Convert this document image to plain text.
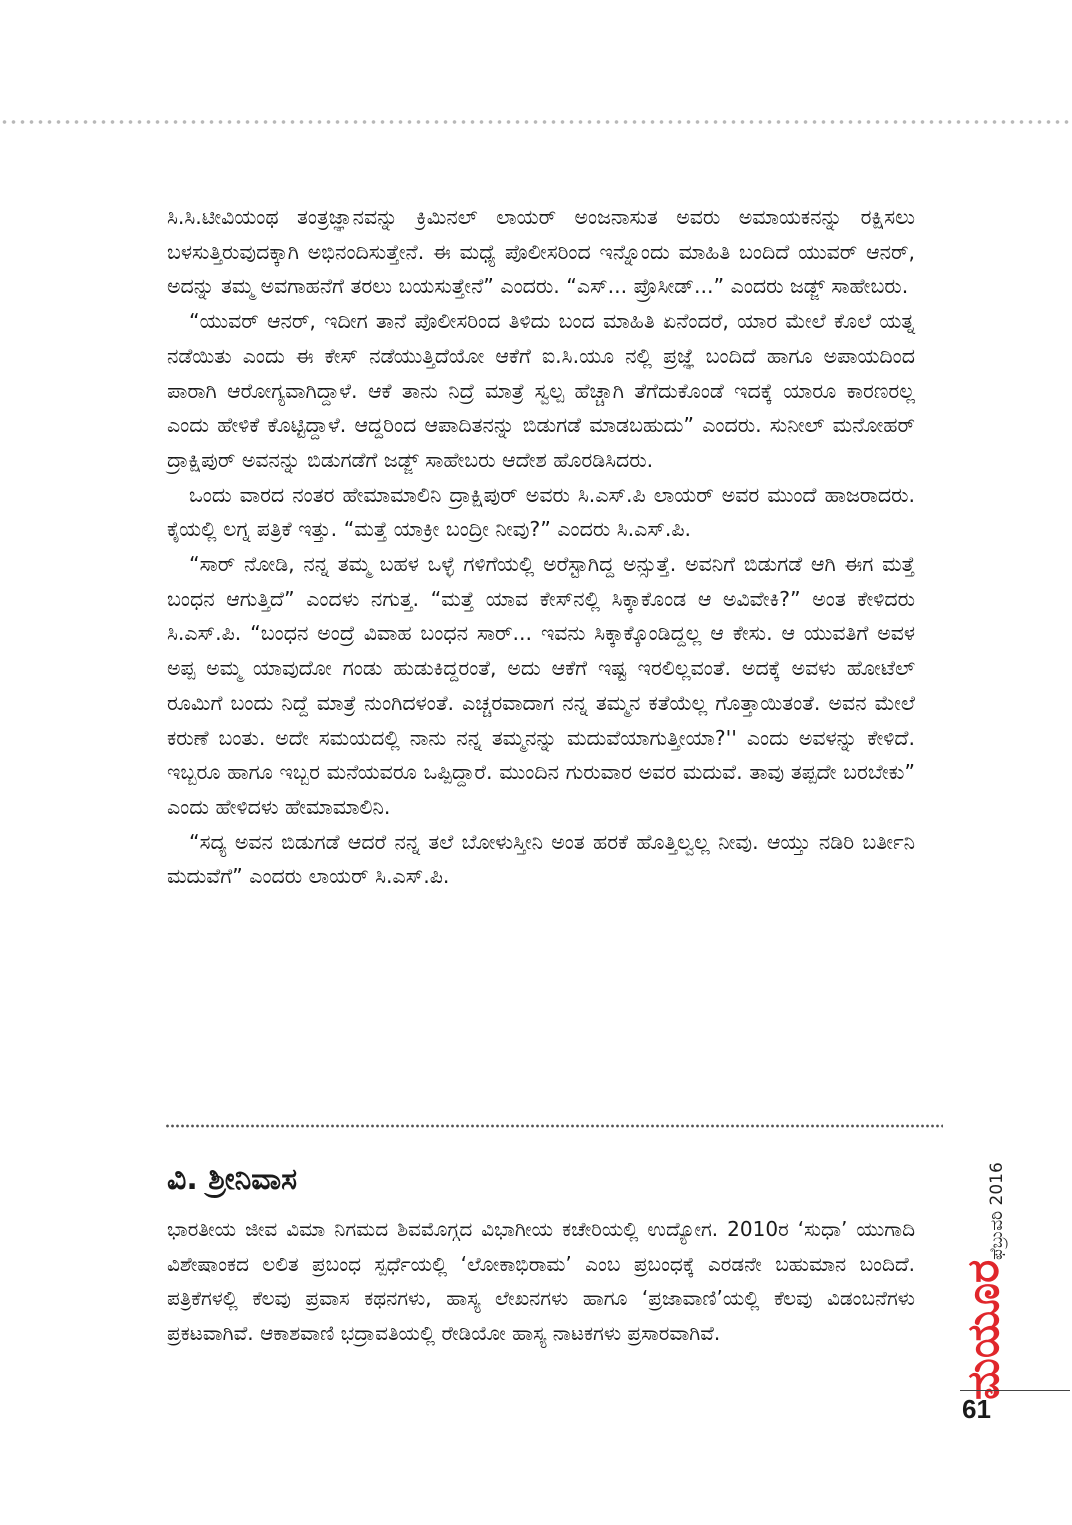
ಸಿ.ಸಿ.ಟೀವಿಯಂಥ ತಂತ್ರಜ್ಞಾನವನ್ನು ಕ್ರಿಮಿನಲ್ ಲಾಯರ್ ಅಂಜನಾಸುತ ಅವರು ಅಮಾಯಕನನ್ನು ರಕ್ಷಿಸಲು ಬಳಸುತ್ತಿರುವುದಕ್ಕಾಗಿ ಅಭಿನಂದಿಸುತ್ತೇನೆ. ಈ ಮಧ್ಯೆ ಪೊಲೀಸರಿಂದ ಇನ್ನೊಂದು ಮಾಹಿತಿ ಬಂದಿದೆ ಯುವರ್ ಆನರ್, ಅದನ್ನು ತಮ್ಮ ಅವಗಾಹನೆಗೆ ತರಲು ಬಯಸುತ್ತೇನೆ” ಎಂದರು. “ಎಸ್... ಪ್ರೊಸೀಡ್...” ಎಂದರು ಜಡ್ಜ್ ಸಾಹೇಬರು.

“ಯುವರ್ ಆನರ್, ಇದೀಗ ತಾನೆ ಪೊಲೀಸರಿಂದ ತಿಳಿದು ಬಂದ ಮಾಹಿತಿ ಏನೆಂದರೆ, ಯಾರ ಮೇಲೆ ಕೊಲೆ ಯತ್ನ ನಡೆಯಿತು ಎಂದು ಈ ಕೇಸ್ ನಡೆಯುತ್ತಿದೆಯೋ ಆಕೆಗೆ ಐ.ಸಿ.ಯೂ ನಲ್ಲಿ ಪ್ರಜ್ಞೆ ಬಂದಿದೆ ಹಾಗೂ ಅಪಾಯದಿಂದ ಪಾರಾಗಿ ಆರೋಗ್ಯವಾಗಿದ್ದಾಳೆ. ಆಕೆ ತಾನು ನಿದ್ರೆ ಮಾತ್ರೆ ಸ್ವಲ್ಪ ಹೆಚ್ಚಾಗಿ ತೆಗೆದುಕೊಂಡೆ ಇದಕ್ಕೆ ಯಾರೂ ಕಾರಣರಲ್ಲ ಎಂದು ಹೇಳಿಕೆ ಕೊಟ್ಟಿದ್ದಾಳೆ. ಆದ್ದರಿಂದ ಆಪಾದಿತನನ್ನು ಬಿಡುಗಡೆ ಮಾಡಬಹುದು” ಎಂದರು. ಸುನೀಲ್ ಮನೋಹರ್ ದ್ರಾಕ್ಷಿಪುರ್ ಅವನನ್ನು ಬಿಡುಗಡೆಗೆ ಜಡ್ಜ್ ಸಾಹೇಬರು ಆದೇಶ ಹೊರಡಿಸಿದರು.

ಒಂದು ವಾರದ ನಂತರ ಹೇಮಾಮಾಲಿನಿ ದ್ರಾಕ್ಷಿಪುರ್ ಅವರು ಸಿ.ಎಸ್.ಪಿ ಲಾಯರ್ ಅವರ ಮುಂದೆ ಹಾಜರಾದರು. ಕೈಯಲ್ಲಿ ಲಗ್ನ ಪತ್ರಿಕೆ ಇತ್ತು. “ಮತ್ತೆ ಯಾಕ್ರೀ ಬಂದ್ರೀ ನೀವು?” ಎಂದರು ಸಿ.ಎಸ್.ಪಿ.

“ಸಾರ್ ನೋಡಿ, ನನ್ನ ತಮ್ಮ ಬಹಳ ಒಳ್ಳೆ ಗಳಿಗೆಯಲ್ಲಿ ಅರೆಸ್ಟಾಗಿದ್ದ ಅನ್ಸುತ್ತೆ. ಅವನಿಗೆ ಬಿಡುಗಡೆ ಆಗಿ ಈಗ ಮತ್ತೆ ಬಂಧನ ಆಗುತ್ತಿದೆ” ಎಂದಳು ನಗುತ್ತ. “ಮತ್ತೆ ಯಾವ ಕೇಸ್‌ನಲ್ಲಿ ಸಿಕ್ಕಾಕೊಂಡ ಆ ಅವಿವೇಕಿ?” ಅಂತ ಕೇಳಿದರು ಸಿ.ಎಸ್.ಪಿ. “ಬಂಧನ ಅಂದ್ರೆ ವಿವಾಹ ಬಂಧನ ಸಾರ್... ಇವನು ಸಿಕ್ಕಾಕ್ಕೊಂಡಿದ್ದಲ್ಲ ಆ ಕೇಸು. ಆ ಯುವತಿಗೆ ಅವಳ ಅಪ್ಪ ಅಮ್ಮ ಯಾವುದೋ ಗಂಡು ಹುಡುಕಿದ್ದರಂತೆ, ಅದು ಆಕೆಗೆ ಇಷ್ಟ ಇರಲಿಲ್ಲವಂತೆ. ಅದಕ್ಕೆ ಅವಳು ಹೋಟೆಲ್ ರೂಮಿಗೆ ಬಂದು ನಿದ್ದೆ ಮಾತ್ರೆ ನುಂಗಿದಳಂತೆ. ಎಚ್ಚರವಾದಾಗ ನನ್ನ ತಮ್ಮನ ಕತೆಯೆಲ್ಲ ಗೊತ್ತಾಯಿತಂತೆ. ಅವನ ಮೇಲೆ ಕರುಣೆ ಬಂತು. ಅದೇ ಸಮಯದಲ್ಲಿ ನಾನು ನನ್ನ ತಮ್ಮನನ್ನು ಮದುವೆಯಾಗುತ್ತೀಯಾ?'' ಎಂದು ಅವಳನ್ನು ಕೇಳಿದೆ. ಇಬ್ಬರೂ ಹಾಗೂ ಇಬ್ಬರ ಮನೆಯವರೂ ಒಪ್ಪಿದ್ದಾರೆ. ಮುಂದಿನ ಗುರುವಾರ ಅವರ ಮದುವೆ. ತಾವು ತಪ್ಪದೇ ಬರಬೇಕು” ಎಂದು ಹೇಳಿದಳು ಹೇಮಾಮಾಲಿನಿ.

“ಸದ್ಯ ಅವನ ಬಿಡುಗಡೆ ಆದರೆ ನನ್ನ ತಲೆ ಬೋಳುಸ್ತೀನಿ ಅಂತ ಹರಕೆ ಹೊತ್ತಿಲ್ವಲ್ಲ ನೀವು. ಆಯ್ತು ನಡಿರಿ ಬರ್ತೀನಿ ಮದುವೆಗೆ” ಎಂದರು ಲಾಯರ್ ಸಿ.ಎಸ್.ಪಿ.

ವಿ. ಶ್ರೀನಿವಾಸ

ಭಾರತೀಯ ಜೀವ ವಿಮಾ ನಿಗಮದ ಶಿವಮೊಗ್ಗದ ವಿಭಾಗೀಯ ಕಚೇರಿಯಲ್ಲಿ ಉದ್ಯೋಗ. 2010ರ ‘ಸುಧಾ’ ಯುಗಾದಿ ವಿಶೇಷಾಂಕದ ಲಲಿತ ಪ್ರಬಂಧ ಸ್ಪರ್ಧೆಯಲ್ಲಿ ‘ಲೋಕಾಭಿರಾಮ’ ಎಂಬ ಪ್ರಬಂಧಕ್ಕೆ ಎರಡನೇ ಬಹುಮಾನ ಬಂದಿದೆ. ಪತ್ರಿಕೆಗಳಲ್ಲಿ ಕೆಲವು ಪ್ರವಾಸ ಕಥನಗಳು, ಹಾಸ್ಯ ಲೇಖನಗಳು ಹಾಗೂ ‘ಪ್ರಜಾವಾಣಿ’ಯಲ್ಲಿ ಕೆಲವು ವಿಡಂಬನೆಗಳು ಪ್ರಕಟವಾಗಿವೆ. ಆಕಾಶವಾಣಿ ಭದ್ರಾವತಿಯಲ್ಲಿ ರೇಡಿಯೋ ಹಾಸ್ಯ ನಾಟಕಗಳು ಪ್ರಸಾರವಾಗಿವೆ.	ಮಯೂರ
ಫೆಬ್ರುವರಿ 2016
61
